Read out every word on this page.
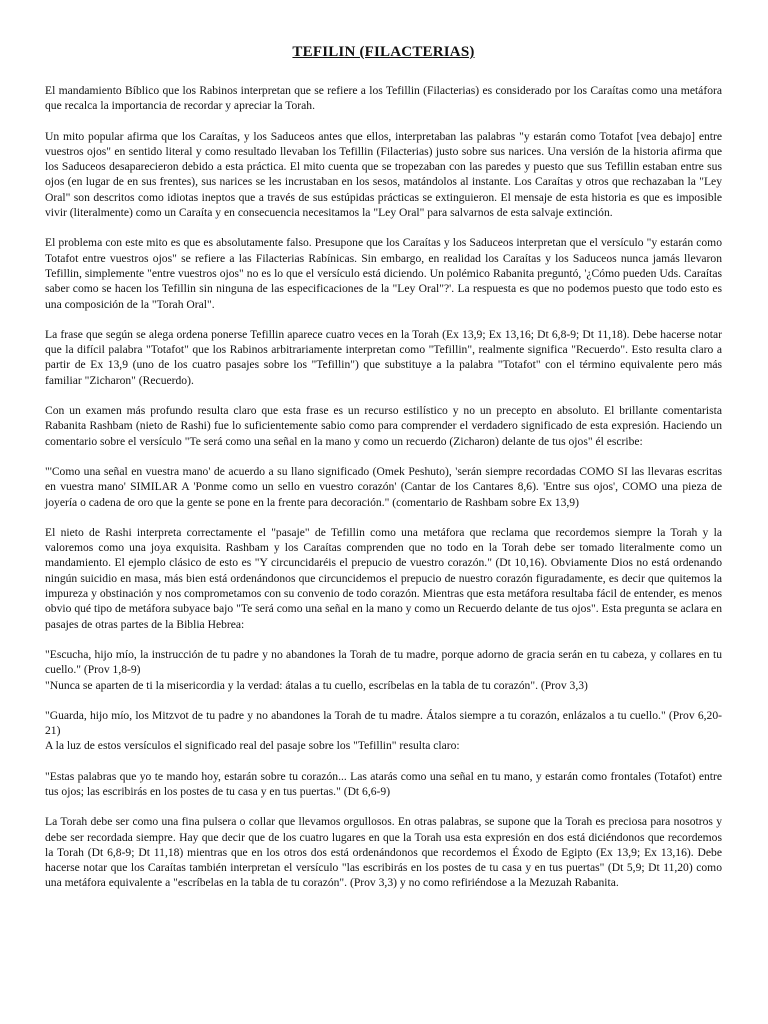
TEFILIN (FILACTERIAS)

El mandamiento Bíblico que los Rabinos interpretan que se refiere a los Tefillin (Filacterias) es considerado por los Caraítas como una metáfora que recalca la importancia de recordar y apreciar la Torah.

Un mito popular afirma que los Caraítas, y los Saduceos antes que ellos, interpretaban las palabras "y estarán como Totafot [vea debajo] entre vuestros ojos" en sentido literal y como resultado llevaban los Tefillin (Filacterias) justo sobre sus narices. Una versión de la historia afirma que los Saduceos desaparecieron debido a esta práctica. El mito cuenta que se tropezaban con las paredes y puesto que sus Tefillin estaban entre sus ojos (en lugar de en sus frentes), sus narices se les incrustaban en los sesos, matándolos al instante. Los Caraítas y otros que rechazaban la "Ley Oral" son descritos como idiotas ineptos que a través de sus estúpidas prácticas se extinguieron. El mensaje de esta historia es que es imposible vivir (literalmente) como un Caraíta y en consecuencia necesitamos la "Ley Oral" para salvarnos de esta salvaje extinción.

El problema con este mito es que es absolutamente falso. Presupone que los Caraítas y los Saduceos interpretan que el versículo "y estarán como Totafot entre vuestros ojos" se refiere a las Filacterias Rabínicas. Sin embargo, en realidad los Caraítas y los Saduceos nunca jamás llevaron Tefillin, simplemente "entre vuestros ojos" no es lo que el versículo está diciendo. Un polémico Rabanita preguntó, '¿Cómo pueden Uds. Caraítas saber como se hacen los Tefillin sin ninguna de las especificaciones de la "Ley Oral"?'. La respuesta es que no podemos puesto que todo esto es una composición de la "Torah Oral".

La frase que según se alega ordena ponerse Tefillin aparece cuatro veces en la Torah (Ex 13,9; Ex 13,16; Dt 6,8-9; Dt 11,18). Debe hacerse notar que la difícil palabra "Totafot" que los Rabinos arbitrariamente interpretan como "Tefillin", realmente significa "Recuerdo". Esto resulta claro a partir de Ex 13,9 (uno de los cuatro pasajes sobre los "Tefillin") que substituye a la palabra "Totafot" con el término equivalente pero más familiar "Zicharon" (Recuerdo).

Con un examen más profundo resulta claro que esta frase es un recurso estilístico y no un precepto en absoluto. El brillante comentarista Rabanita Rashbam (nieto de Rashi) fue lo suficientemente sabio como para comprender el verdadero significado de esta expresión. Haciendo un comentario sobre el versículo "Te será como una señal en la mano y como un recuerdo (Zicharon) delante de tus ojos" él escribe:

"'Como una señal en vuestra mano' de acuerdo a su llano significado (Omek Peshuto), 'serán siempre recordadas COMO SI las llevaras escritas en vuestra mano' SIMILAR A 'Ponme como un sello en vuestro corazón' (Cantar de los Cantares 8,6). 'Entre sus ojos', COMO una pieza de joyería o cadena de oro que la gente se pone en la frente para decoración." (comentario de Rashbam sobre Ex 13,9)

El nieto de Rashi interpreta correctamente el "pasaje" de Tefillin como una metáfora que reclama que recordemos siempre la Torah y la valoremos como una joya exquisita. Rashbam y los Caraítas comprenden que no todo en la Torah debe ser tomado literalmente como un mandamiento. El ejemplo clásico de esto es "Y circuncidaréis el prepucio de vuestro corazón." (Dt 10,16). Obviamente Dios no está ordenando ningún suicidio en masa, más bien está ordenándonos que circuncidemos el prepucio de nuestro corazón figuradamente, es decir que quitemos la impureza y obstinación y nos comprometamos con su convenio de todo corazón. Mientras que esta metáfora resultaba fácil de entender, es menos obvio qué tipo de metáfora subyace bajo "Te será como una señal en la mano y como un Recuerdo delante de tus ojos". Esta pregunta se aclara en pasajes de otras partes de la Biblia Hebrea:

"Escucha, hijo mío, la instrucción de tu padre y no abandones la Torah de tu madre, porque adorno de gracia serán en tu cabeza, y collares en tu cuello." (Prov 1,8-9)

"Nunca se aparten de ti la misericordia y la verdad: átalas a tu cuello, escríbelas en la tabla de tu corazón". (Prov 3,3)

"Guarda, hijo mío, los Mitzvot de tu padre y no abandones la Torah de tu madre. Átalos siempre a tu corazón, enlázalos a tu cuello." (Prov 6,20-21)

A la luz de estos versículos el significado real del pasaje sobre los "Tefillin" resulta claro:

"Estas palabras que yo te mando hoy, estarán sobre tu corazón... Las atarás como una señal en tu mano, y estarán como frontales (Totafot) entre tus ojos; las escribirás en los postes de tu casa y en tus puertas." (Dt 6,6-9)

La Torah debe ser como una fina pulsera o collar que llevamos orgullosos. En otras palabras, se supone que la Torah es preciosa para nosotros y debe ser recordada siempre. Hay que decir que de los cuatro lugares en que la Torah usa esta expresión en dos está diciéndonos que recordemos la Torah (Dt 6,8-9; Dt 11,18) mientras que en los otros dos está ordenándonos que recordemos el Éxodo de Egipto (Ex 13,9; Ex 13,16). Debe hacerse notar que los Caraítas también interpretan el versículo "las escribirás en los postes de tu casa y en tus puertas" (Dt 5,9; Dt 11,20) como una metáfora equivalente a "escríbelas en la tabla de tu corazón". (Prov 3,3) y no como refiriéndose a la Mezuzah Rabanita.
